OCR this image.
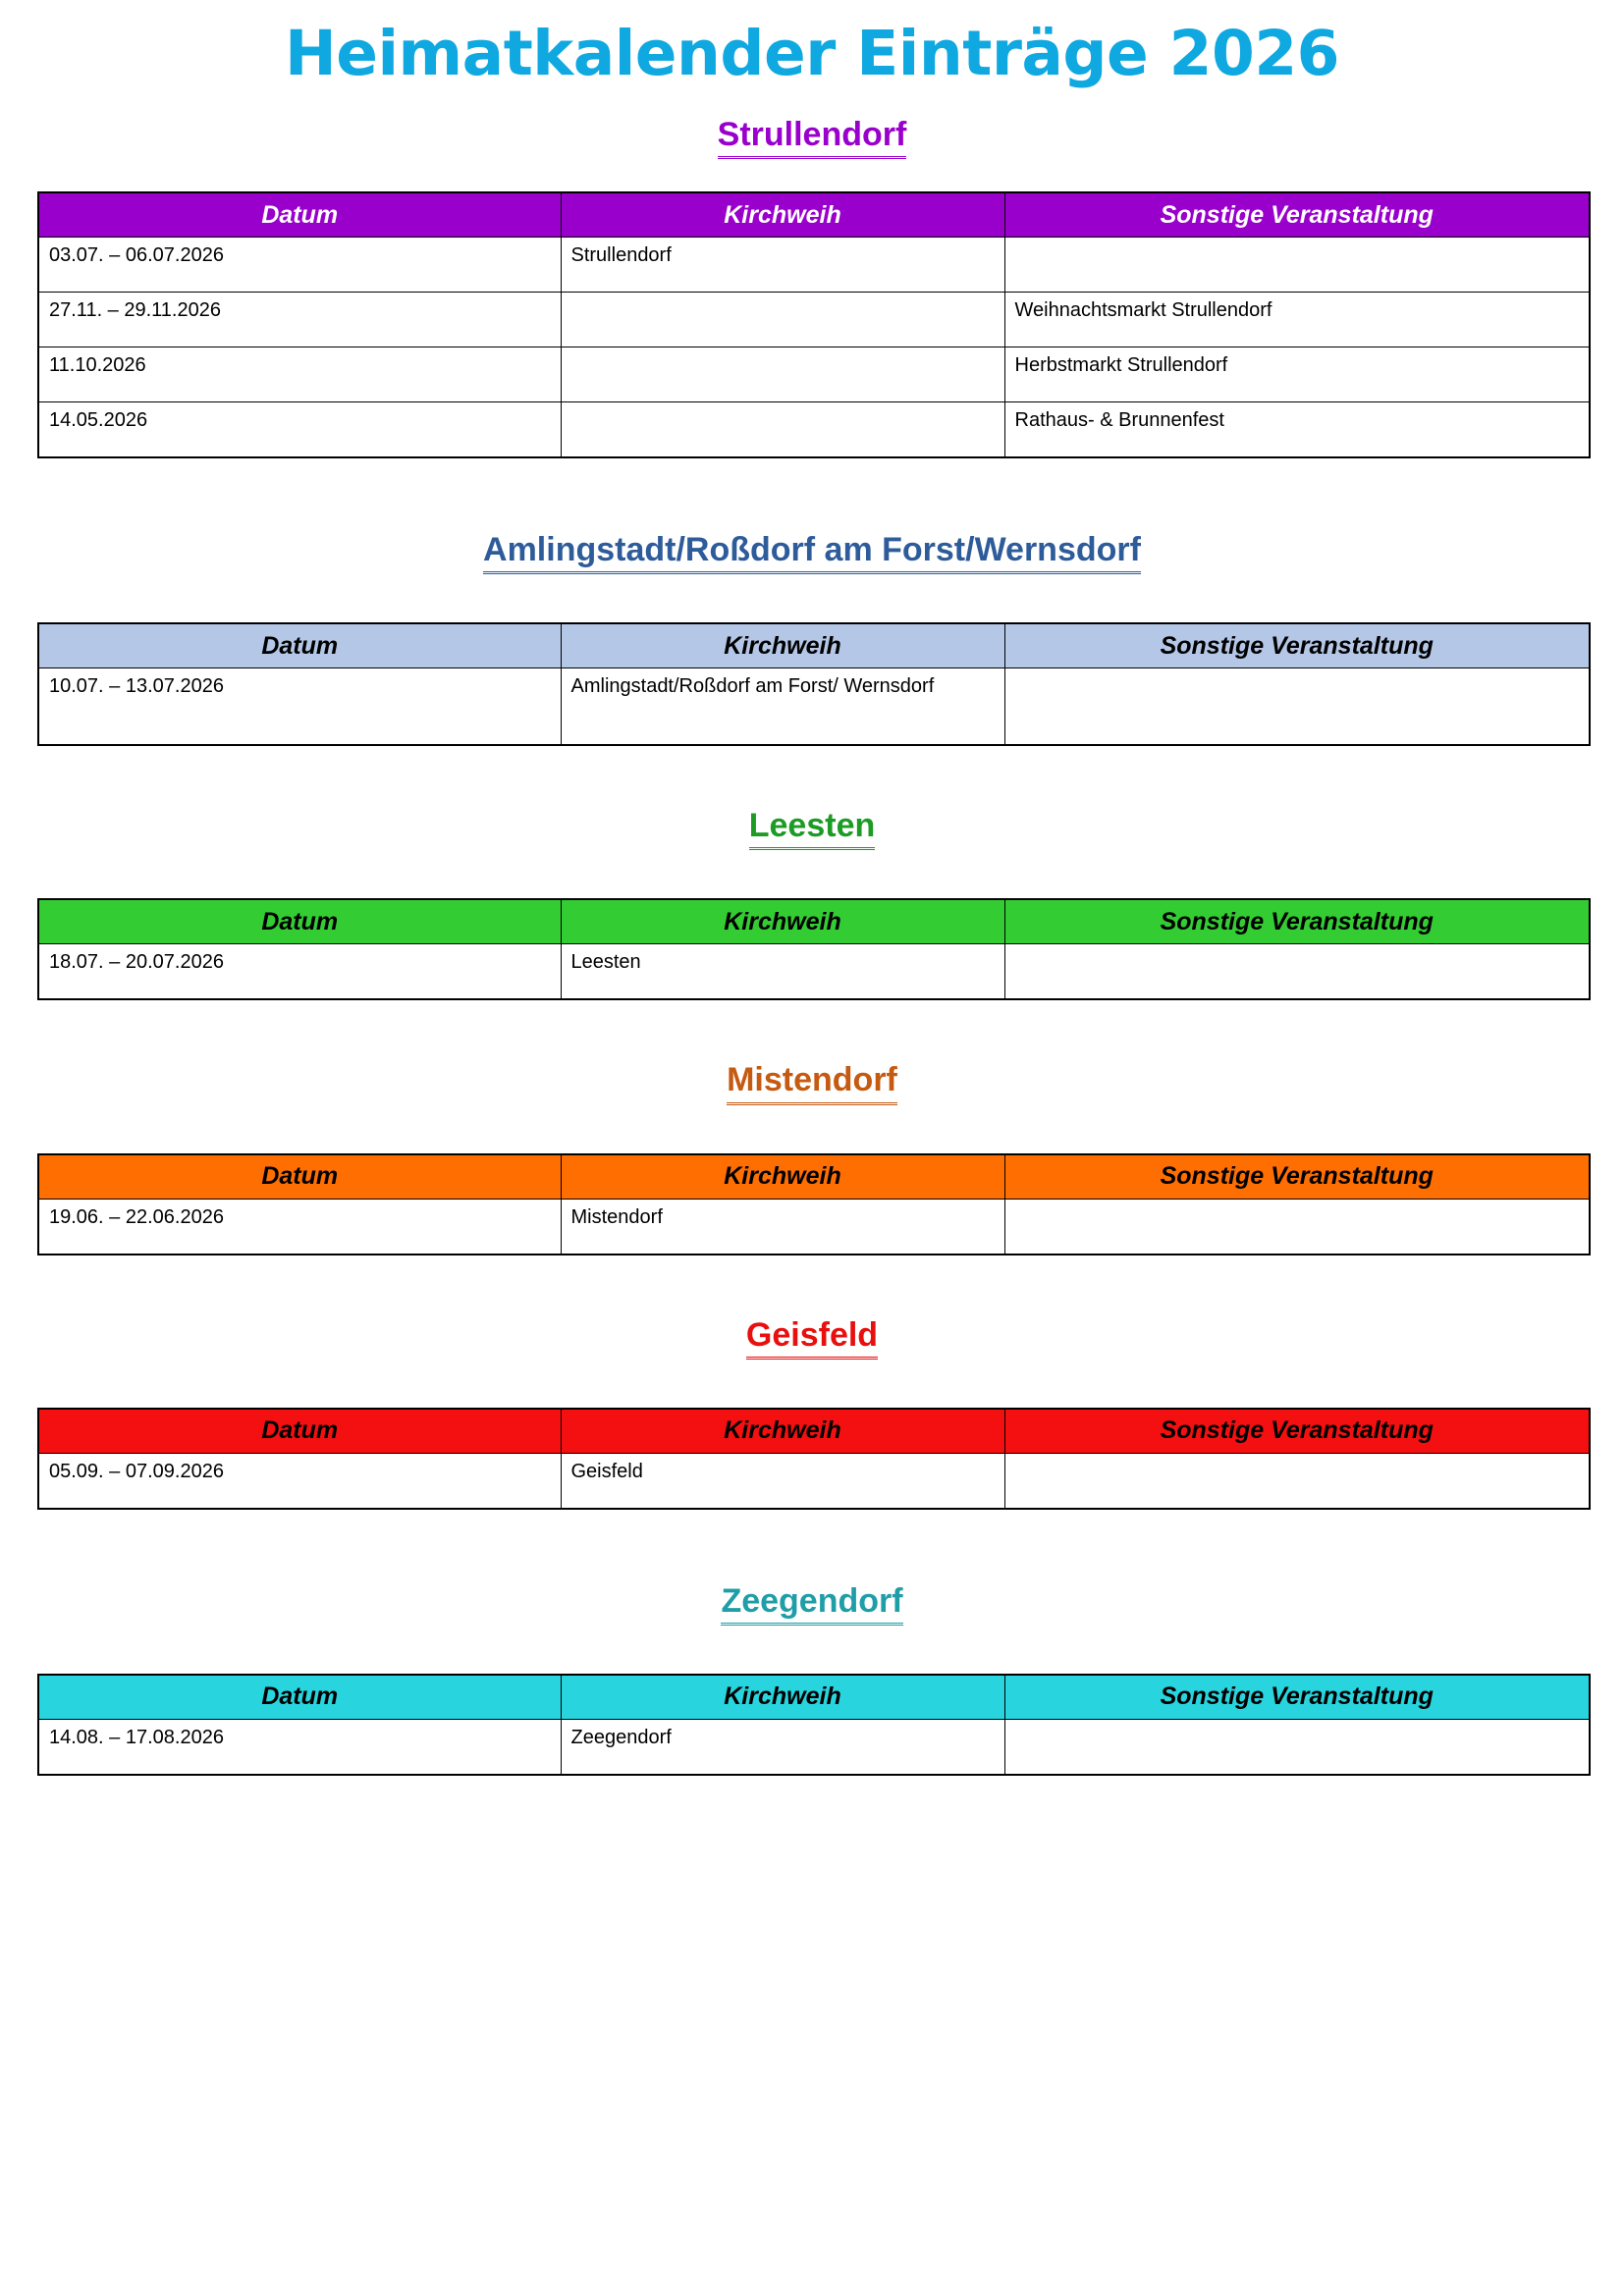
Heimatkalender Einträge 2026
Strullendorf
Datum	Kirchweih	Sonstige Veranstaltung
03.07. – 06.07.2026	Strullendorf	
27.11. – 29.11.2026		Weihnachtsmarkt Strullendorf
11.10.2026		Herbstmarkt Strullendorf
14.05.2026		Rathaus- & Brunnenfest
Amlingstadt/Roßdorf am Forst/Wernsdorf
Datum	Kirchweih	Sonstige Veranstaltung
10.07. – 13.07.2026	Amlingstadt/Roßdorf am Forst/ Wernsdorf	
Leesten
Datum	Kirchweih	Sonstige Veranstaltung
18.07. – 20.07.2026	Leesten	
Mistendorf
Datum	Kirchweih	Sonstige Veranstaltung
19.06. – 22.06.2026	Mistendorf	
Geisfeld
Datum	Kirchweih	Sonstige Veranstaltung
05.09. – 07.09.2026	Geisfeld	
Zeegendorf
Datum	Kirchweih	Sonstige Veranstaltung
14.08. – 17.08.2026	Zeegendorf	
